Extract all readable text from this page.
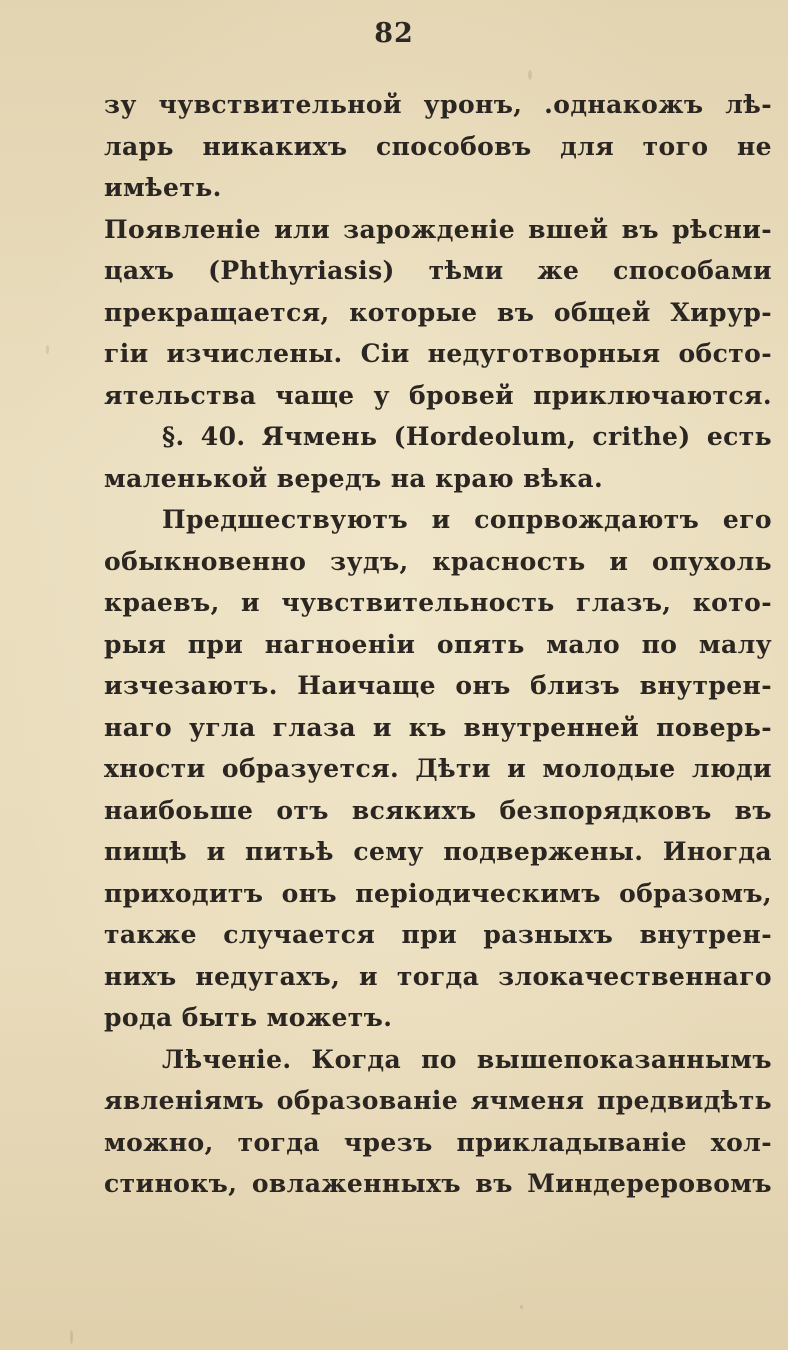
82
зу чувствительной уронъ, .однакожъ лѣ-
ларь никакихъ способовъ для того не
имѣеть.
Появленіе или зарожденіе вшей въ рѣсни-
цахъ (Phthyriasis) тѣми же способами
прекращается, которые въ общей Хирур-
гіи изчислены. Сіи недуготворныя обсто-
ятельства чаще у бровей приключаются.
§. 40. Ячмень (Hordeolum, crithe) есть
маленькой вередъ на краю вѣка.
Предшествуютъ и сопрвождаютъ его
обыкновенно зудъ, красность и опухоль
краевъ, и чувствительность глазъ, кото-
рыя при нагноеніи опять мало по малу
изчезаютъ. Наичаще онъ близъ внутрен-
наго угла глаза и къ внутренней поверь-
хности образуется. Дѣти и молодые люди
наибоьше отъ всякихъ безпорядковъ въ
пищѣ и питьѣ сему подвержены. Иногда
приходитъ онъ періодическимъ образомъ,
также случается при разныхъ внутрен-
нихъ недугахъ, и тогда злокачественнаго
рода быть можетъ.
Лѣченіе. Когда по вышепоказаннымъ
явленіямъ образованіе ячменя предвидѣть
можно, тогда чрезъ прикладываніе хол-
стинокъ, овлаженныхъ въ Миндереровомъ
